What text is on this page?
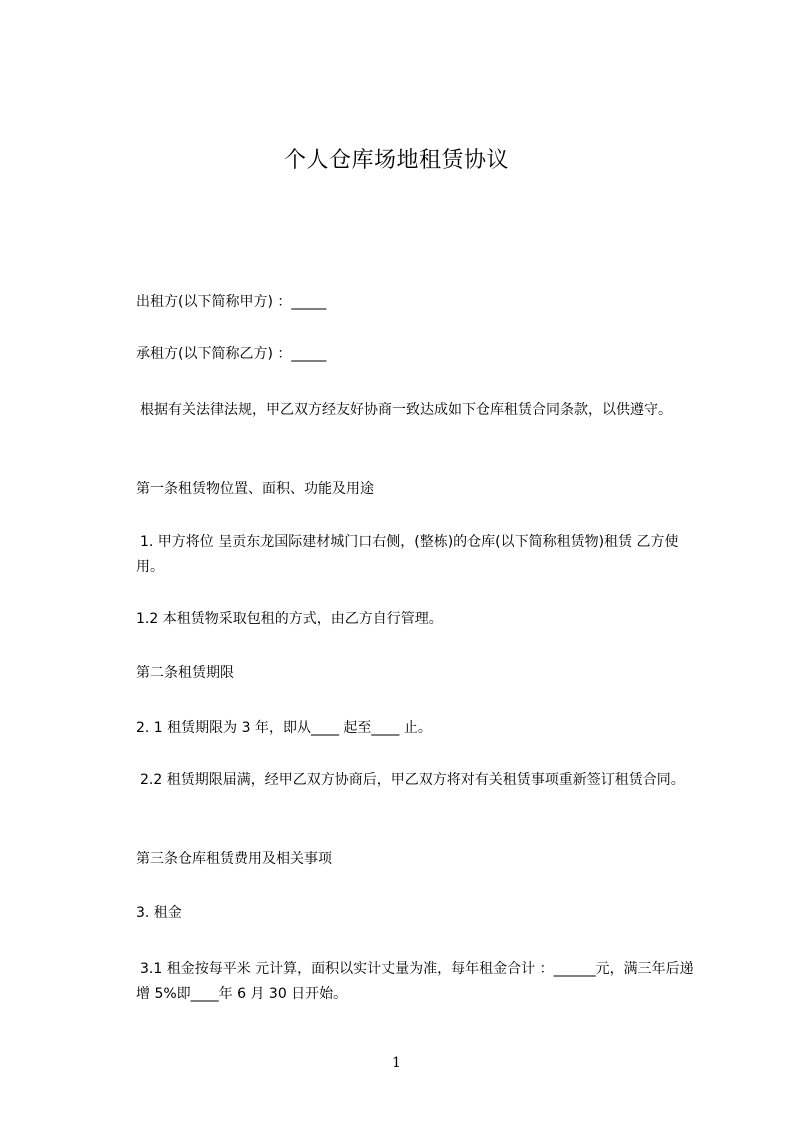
个人仓库场地租赁协议

出租方(以下简称甲方) ：_____

承租方(以下简称乙方) ：_____

根据有关法律法规，甲乙双方经友好协商一致达成如下仓库租赁合同条款，以供遵守。

第一条租赁物位置、面积、功能及用途

1. 甲方将位 呈贡东龙国际建材城门口右侧，(整栋)的仓库(以下简称租赁物)租赁 乙方使用。

1.2 本租赁物采取包租的方式，由乙方自行管理。

第二条租赁期限

2. 1 租赁期限为 3 年，即从____ 起至____ 止。

2.2 租赁期限届满，经甲乙双方协商后，甲乙双方将对有关租赁事项重新签订租赁合同。

第三条仓库租赁费用及相关事项

3. 租金

3.1 租金按每平米 元计算，面积以实计丈量为准，每年租金合计 ：______元，满三年后递增 5%即____年 6 月 30 日开始。

1
